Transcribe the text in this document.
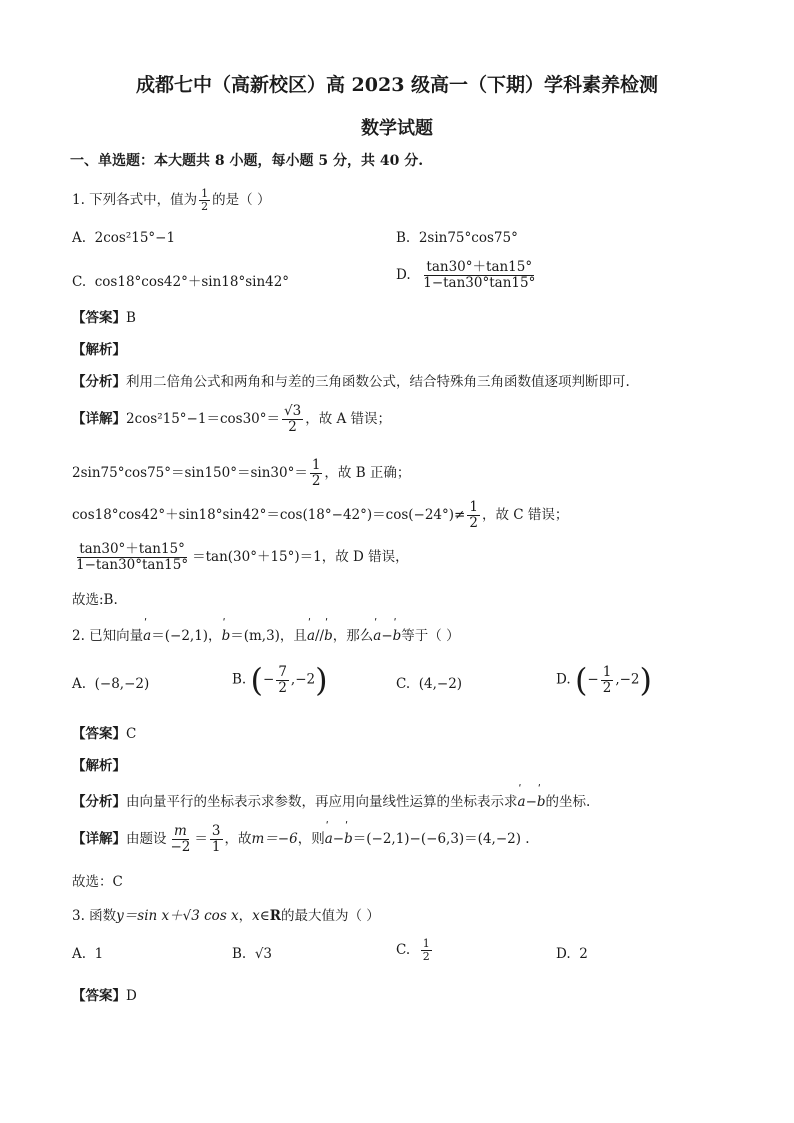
成都七中（高新校区）高 2023 级高一（下期）学科素养检测
数学试题
一、单选题：本大题共 8 小题，每小题 5 分，共 40 分.
1. 下列各式中，值为 $\frac{1}{2}$ 的是（ ）
A. 2cos²15°−1	B. 2sin75°cos75°
C. cos18°cos42°＋sin18°sin42°	D. $\frac{\tan 30^\circ+\tan 15^\circ}{1-\tan 30^\circ\tan 15^\circ}$
【答案】B
【解析】
【分析】利用二倍角公式和两角和与差的三角函数公式，结合特殊角三角函数值逐项判断即可.
【详解】$2\cos^215^\circ-1=\cos 30^\circ= \frac{√3}{2}$ ，故 A 错误；
$2\sin 75^\circ\cos 75^\circ=\sin 150^\circ=\sin 30^\circ= \frac{1}{2}$ ，故 B 正确；
$\cos 18^\circ\cos 42^\circ+\sin 18^\circ\sin 42^\circ=\cos(18^\circ-42^\circ)=\cos(-24^\circ)\ne \frac{1}{2}$ ，故 C 错误；
$\frac{\tan 30^\circ+\tan 15^\circ}{1-\tan 30^\circ\tan 15^\circ} =\tan(30^\circ+15^\circ)=1$，故 D 错误，
故选:B.
2. 已知向量ˈ a＝(−2,1)，ˈ b＝(m,3)，且ˈ a//ˈ b，那么ˈ a−ˈ b等于（ ）
A. (−8,−2)	B. (− $\frac{7}{2} ,-2$)	C. (4,−2)	D. (− $\frac{1}{2} ,-2$)
【答案】C
【解析】
【分析】由向量平行的坐标表示求参数，再应用向量线性运算的坐标表示求ˈ a−ˈ b的坐标.
【详解】由题设 $\frac{m}{-2} = \frac{3}{1}$ ，故m＝−6，则ˈ a−ˈ b＝(−2,1)−(−6,3)＝(4,−2) .
故选：C
3. 函数y＝sin x＋√3 cos x，x∈R的最大值为（ ）
A. 1	B. √3	C. $\frac{1}{2}$	D. 2
【答案】D
